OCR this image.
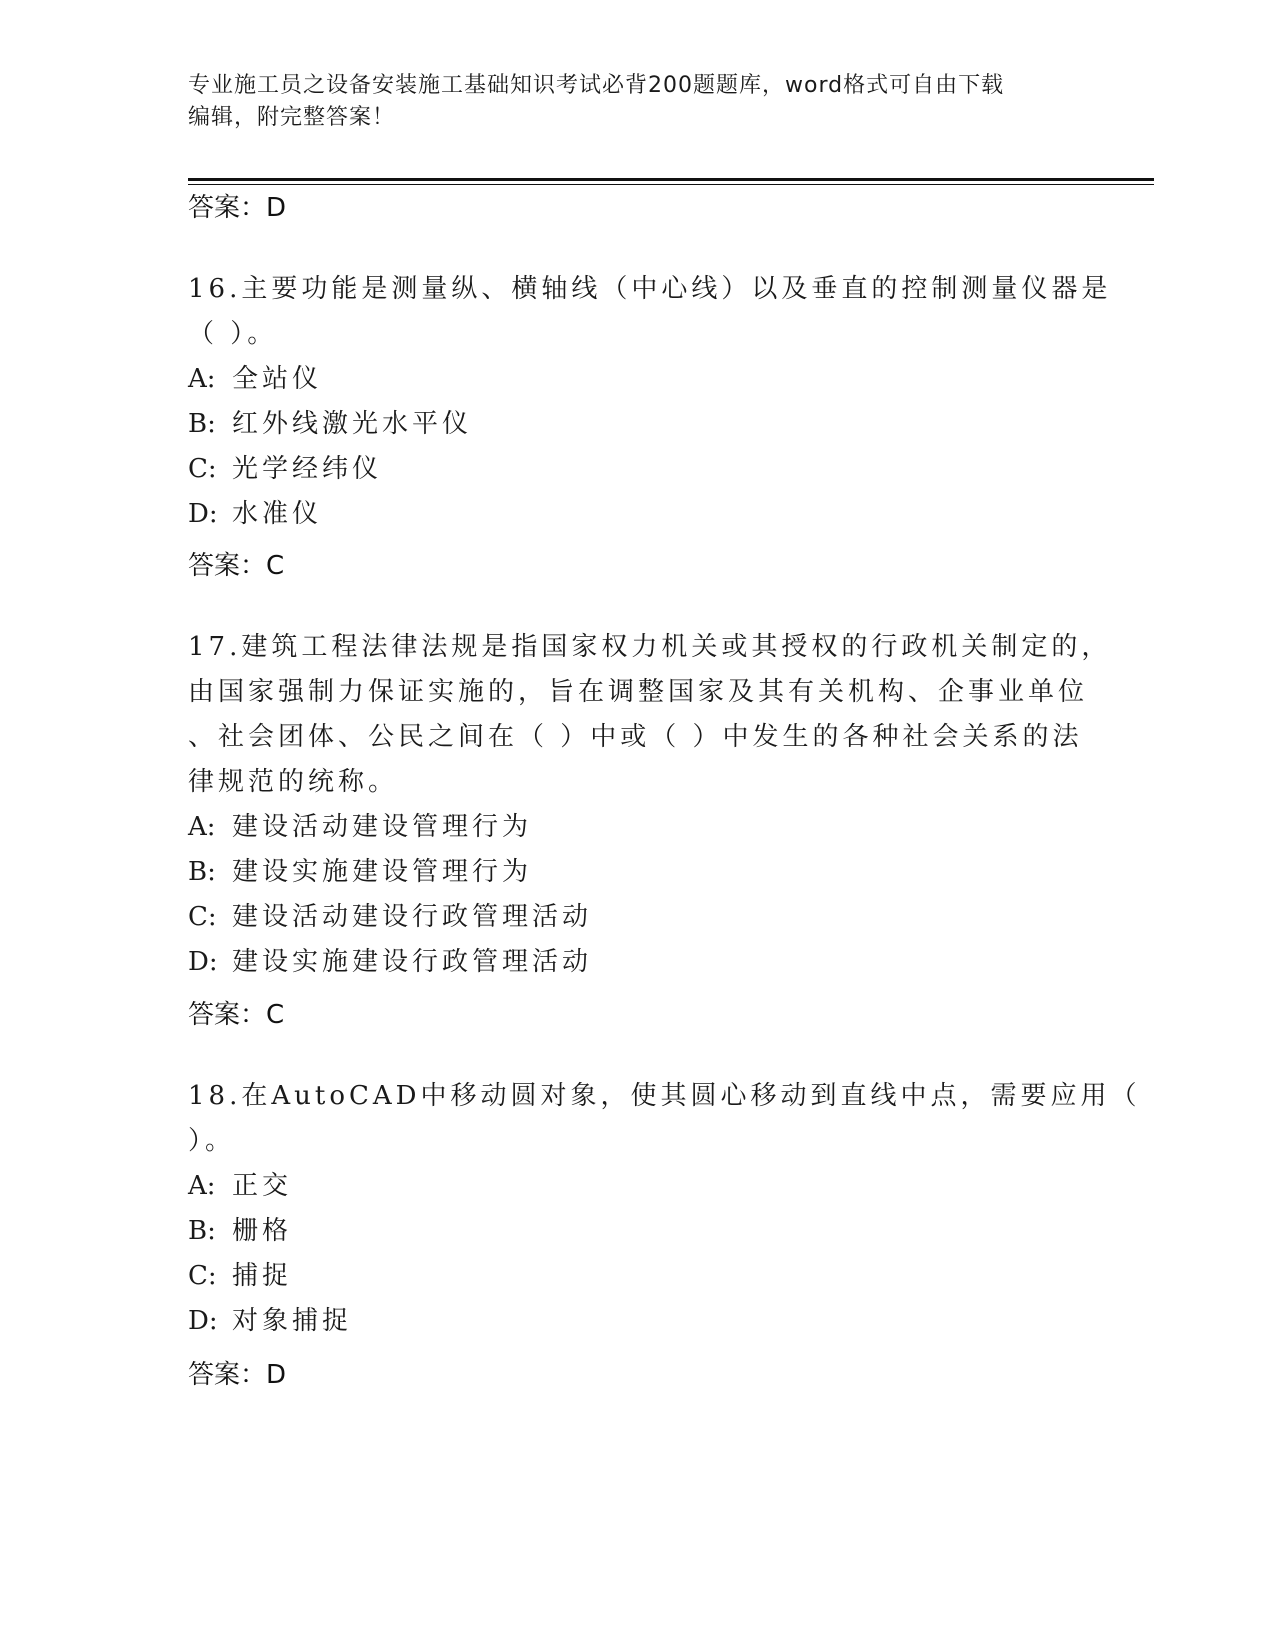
专业施工员之设备安装施工基础知识考试必背200题题库，word格式可自由下载
编辑，附完整答案！
答案：D
16.主要功能是测量纵、横轴线（中心线）以及垂直的控制测量仪器是
（ ）。
A: 全站仪
B: 红外线激光水平仪
C: 光学经纬仪
D: 水准仪
答案：C
17.建筑工程法律法规是指国家权力机关或其授权的行政机关制定的，
由国家强制力保证实施的，旨在调整国家及其有关机构、企事业单位
、社会团体、公民之间在（ ）中或（ ）中发生的各种社会关系的法
律规范的统称。
A: 建设活动建设管理行为
B: 建设实施建设管理行为
C: 建设活动建设行政管理活动
D: 建设实施建设行政管理活动
答案：C
18.在AutoCAD中移动圆对象，使其圆心移动到直线中点，需要应用（
）。
A: 正交
B: 栅格
C: 捕捉
D: 对象捕捉
答案：D
